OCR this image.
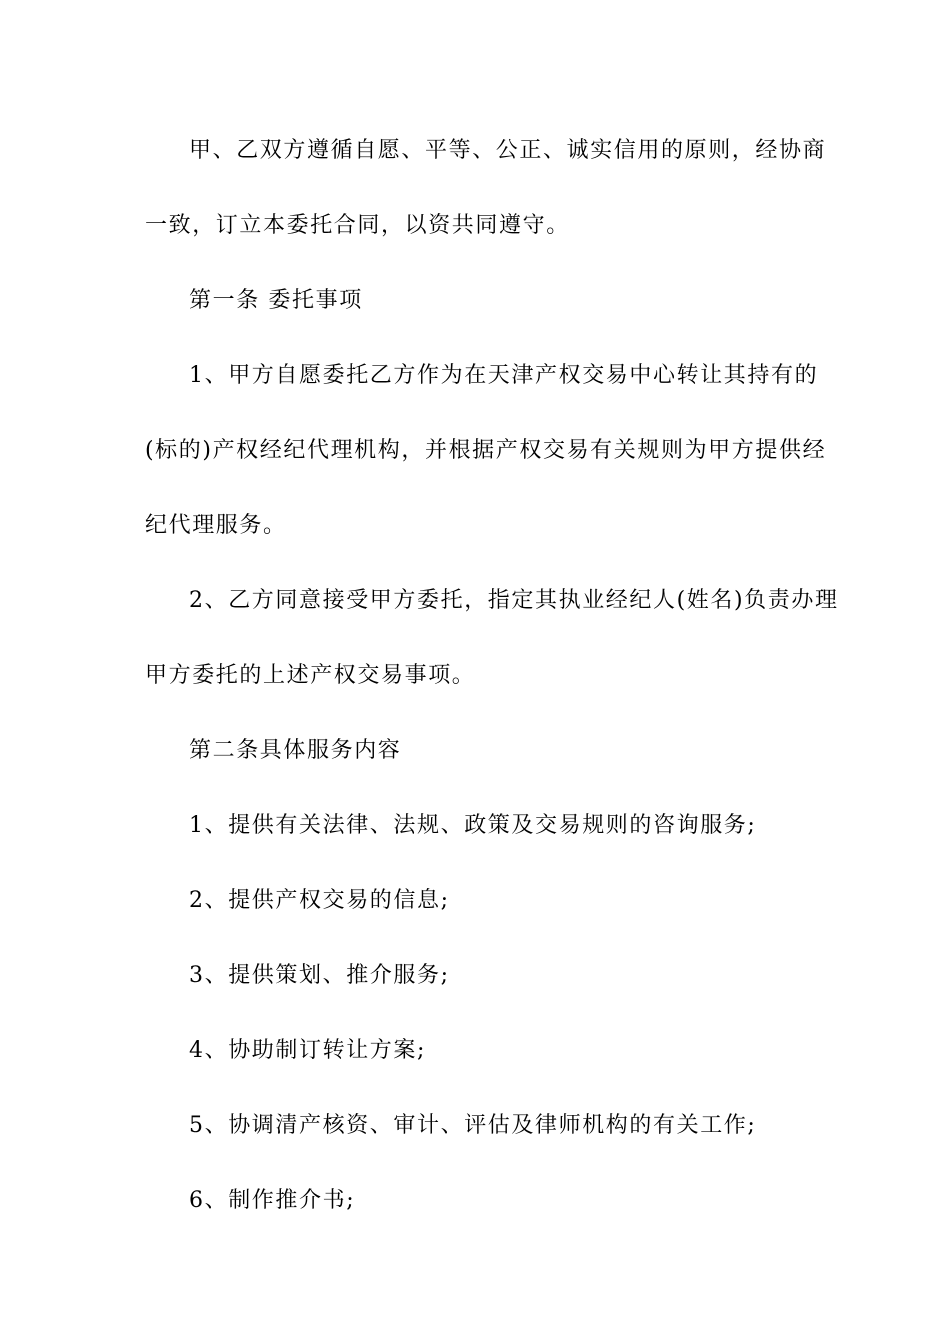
甲、乙双方遵循自愿、平等、公正、诚实信用的原则，经协商
一致，订立本委托合同，以资共同遵守。
第一条 委托事项
1、甲方自愿委托乙方作为在天津产权交易中心转让其持有的
(标的)产权经纪代理机构，并根据产权交易有关规则为甲方提供经
纪代理服务。
2、乙方同意接受甲方委托，指定其执业经纪人(姓名)负责办理
甲方委托的上述产权交易事项。
第二条具体服务内容
1、提供有关法律、法规、政策及交易规则的咨询服务;
2、提供产权交易的信息;
3、提供策划、推介服务;
4、协助制订转让方案;
5、协调清产核资、审计、评估及律师机构的有关工作;
6、制作推介书;
